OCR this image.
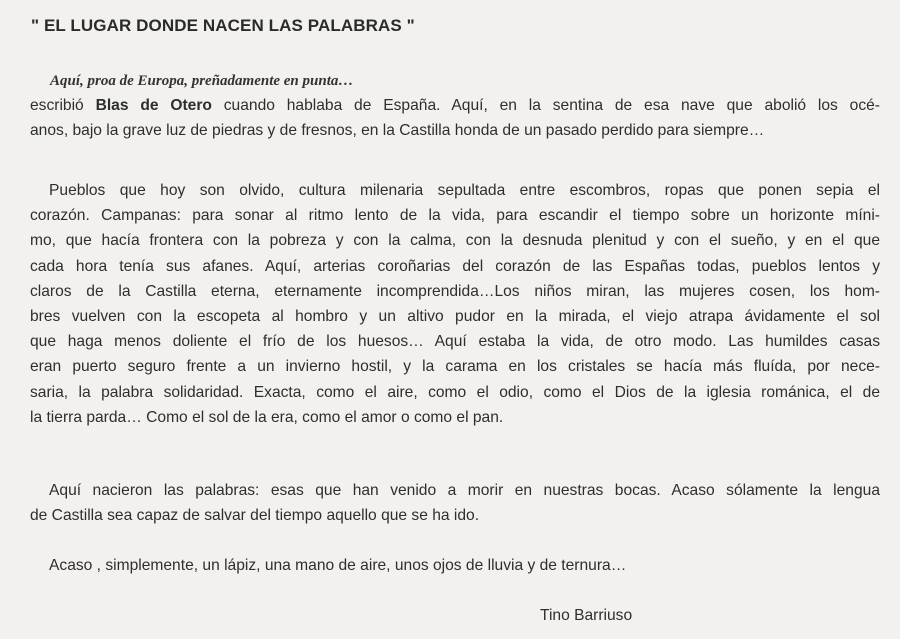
" EL LUGAR DONDE NACEN LAS PALABRAS "
Aquí, proa de Europa, preñadamente en punta…
escribió Blas de Otero cuando hablaba de España. Aquí, en la sentina de esa nave que abolió los océ-
anos, bajo la grave luz de piedras y de fresnos, en la Castilla honda de un pasado perdido para siempre…
Pueblos que hoy son olvido, cultura milenaria sepultada entre escombros, ropas que ponen sepia el
corazón. Campanas: para sonar al ritmo lento de la vida, para escandir el tiempo sobre un horizonte míni-
mo, que hacía frontera con la pobreza y con la calma, con la desnuda plenitud y con el sueño, y en el que
cada hora tenía sus afanes. Aquí, arterias coroñarias del corazón de las Españas todas, pueblos lentos y
claros de la Castilla eterna, eternamente incomprendida…Los niños miran, las mujeres cosen, los hom-
bres vuelven con la escopeta al hombro y un altivo pudor en la mirada, el viejo atrapa ávidamente el sol
que haga menos doliente el frío de los huesos… Aquí estaba la vida, de otro modo. Las humildes casas
eran puerto seguro frente a un invierno hostil, y la carama en los cristales se hacía más fluída, por nece-
saria, la palabra solidaridad. Exacta, como el aire, como el odio, como el Dios de la iglesia románica, el de
la tierra parda… Como el sol de la era, como el amor o como el pan.
Aquí nacieron las palabras: esas que han venido a morir en nuestras bocas. Acaso sólamente la lengua
de Castilla sea capaz de salvar del tiempo aquello que se ha ido.
Acaso , simplemente, un lápiz, una mano de aire, unos ojos de lluvia y de ternura…
Tino Barriuso
